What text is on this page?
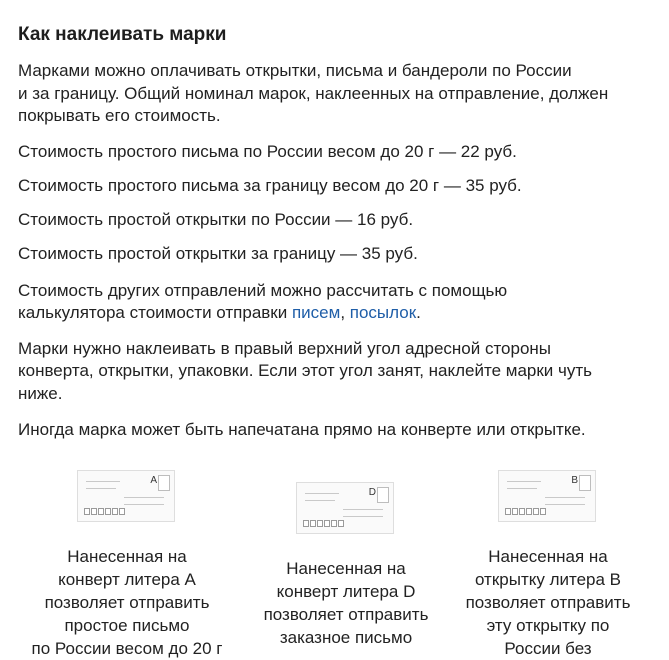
Как наклеивать марки

Марками можно оплачивать открытки, письма и бандероли по России

и за границу. Общий номинал марок, наклеенных на отправление, должен

покрывать его стоимость.

Стоимость простого письма по России весом до 20 г — 22 руб.

Стоимость простого письма за границу весом до 20 г — 35 руб.

Стоимость простой открытки по России — 16 руб.

Стоимость простой открытки за границу — 35 руб.

Стоимость других отправлений можно рассчитать с помощью

калькулятора стоимости отправки писем, посылок.

Марки нужно наклеивать в правый верхний угол адресной стороны

конверта, открытки, упаковки. Если этот угол занят, наклейте марки чуть

ниже.

Иногда марка может быть напечатана прямо на конверте или открытке.

A
Нанесенная на
конверт литера А
позволяет отправить
простое письмо
по России весом до 20 г
D
Нанесенная на
конверт литера D
позволяет отправить
заказное письмо
B
Нанесенная на
открытку литера В
позволяет отправить
эту открытку по
России без
